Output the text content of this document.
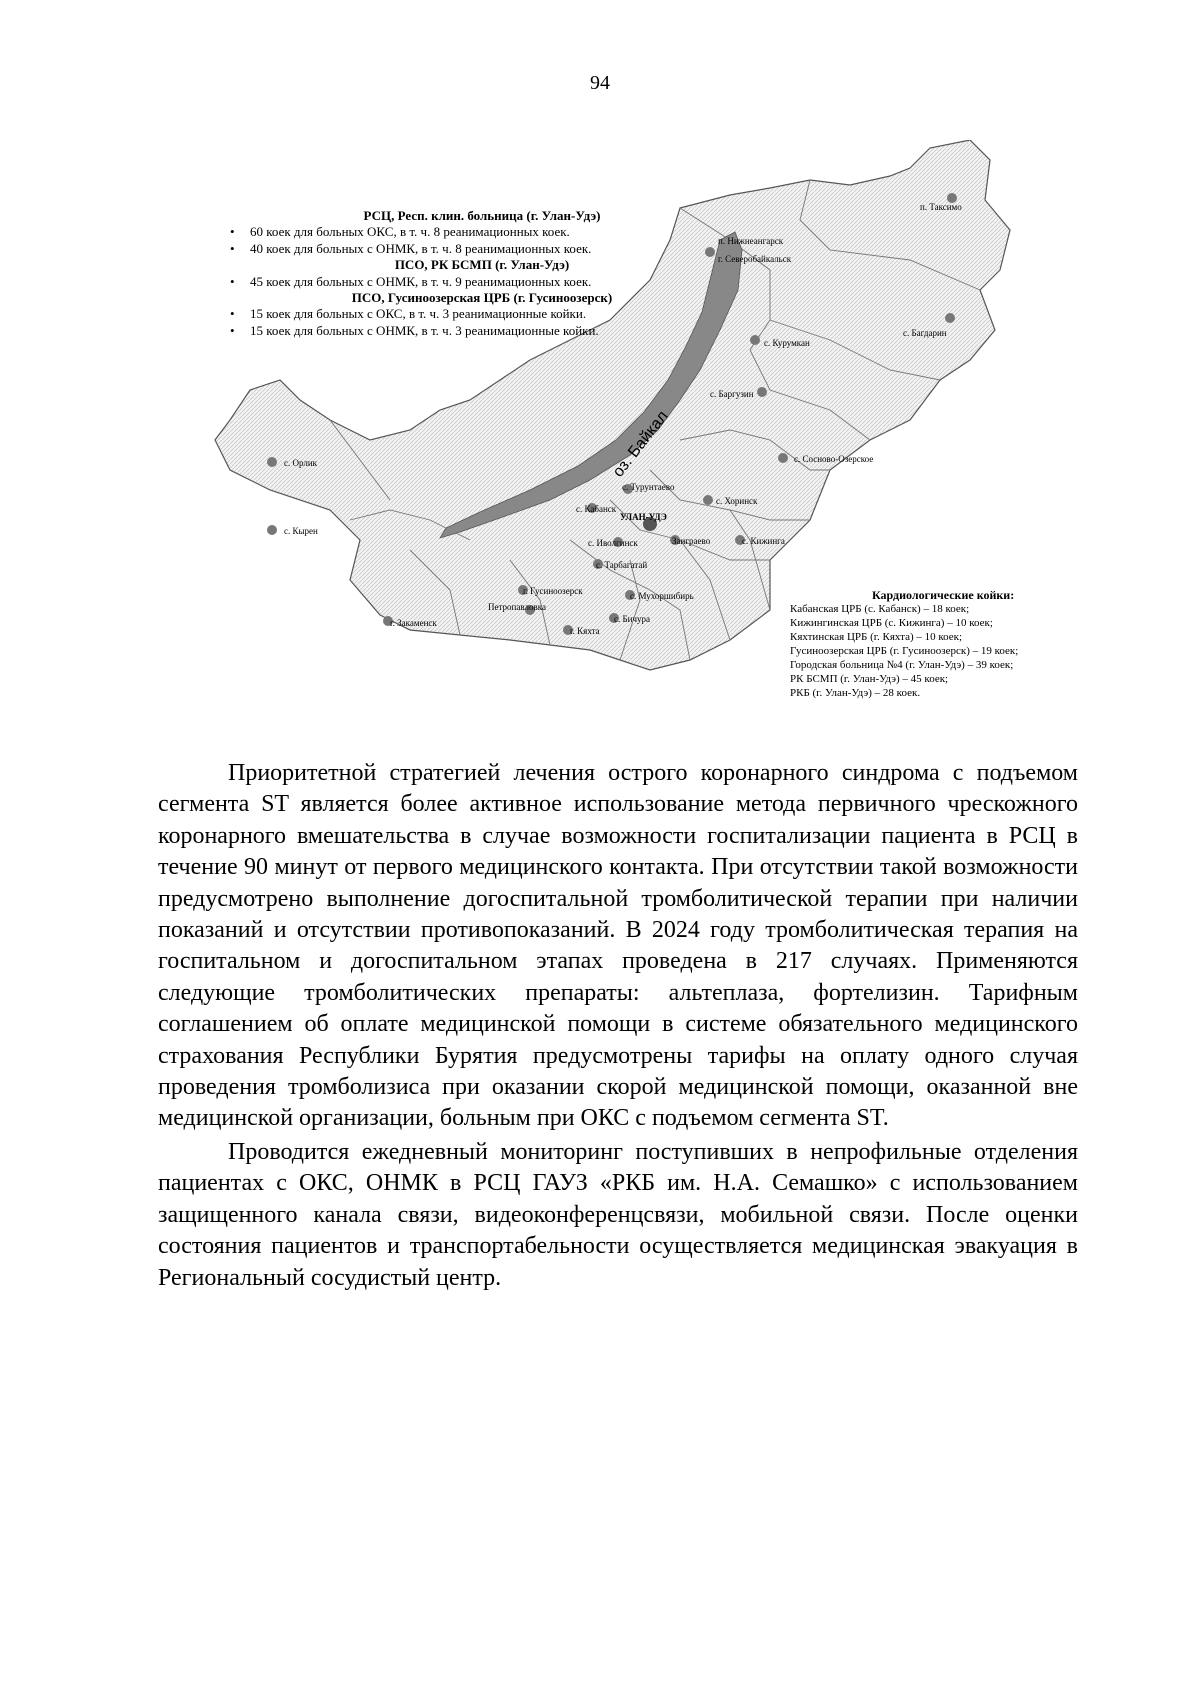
94
оз. Байкал
п. Таксимо
п. Нижнеангарск
г. Северобайкальск
с. Багдарин
с. Курумкан
с. Баргузин
с. Сосново-Озерское
с. Орлик
с. Турунтаево
с. Хоринск
с. Кабанск
УЛАН-УДЭ
с. Кырен
с. Иволгинск	Заиграево	с. Кижинга
с. Тарбагатай
г. Гусиноозерск	с. Мухоршибирь
г. Закаменск
Петропавловка
с. Бичура
г. Кяхта
РСЦ, Респ. клин. больница (г. Улан-Удэ)
• 60 коек для больных ОКС, в т. ч. 8 реанимационных коек.
• 40 коек для больных с ОНМК, в т. ч. 8 реанимационных коек.
ПСО, РК БСМП (г. Улан-Удэ)
• 45 коек для больных с ОНМК, в т. ч. 9 реанимационных коек.
ПСО, Гусиноозерская ЦРБ (г. Гусиноозерск)
• 15 коек для больных с ОКС, в т. ч. 3 реанимационные койки.
• 15 коек для больных с ОНМК, в т. ч. 3 реанимационные койки.
Кардиологические койки:
Кабанская ЦРБ (с. Кабанск) – 18 коек;
Кижингинская ЦРБ (с. Кижинга) – 10 коек;
Кяхтинская ЦРБ (г. Кяхта) – 10 коек;
Гусиноозерская ЦРБ (г. Гусиноозерск) – 19 коек;
Городская больница №4 (г. Улан-Удэ) – 39 коек;
РК БСМП (г. Улан-Удэ) – 45 коек;
РКБ (г. Улан-Удэ) – 28 коек.

Приоритетной стратегией лечения острого коронарного синдрома с подъемом сегмента ST является более активное использование метода первичного чрескожного коронарного вмешательства в случае возможности госпитализации пациента в РСЦ в течение 90 минут от первого медицинского контакта. При отсутствии такой возможности предусмотрено выполнение догоспитальной тромболитической терапии при наличии показаний и отсутствии противопоказаний. В 2024 году тромболитическая терапия на госпитальном и догоспитальном этапах проведена в 217 случаях. Применяются следующие тромболитических препараты: альтеплаза, фортелизин. Тарифным соглашением об оплате медицинской помощи в системе обязательного медицинского страхования Республики Бурятия предусмотрены тарифы на оплату одного случая проведения тромболизиса при оказании скорой медицинской помощи, оказанной вне медицинской организации, больным при ОКС с подъемом сегмента ST.

Проводится ежедневный мониторинг поступивших в непрофильные отделения пациентах с ОКС, ОНМК в РСЦ ГАУЗ «РКБ им. Н.А. Семашко» с использованием защищенного канала связи, видеоконференцсвязи, мобильной связи. После оценки состояния пациентов и транспортабельности осуществляется медицинская эвакуация в Региональный сосудистый центр.
